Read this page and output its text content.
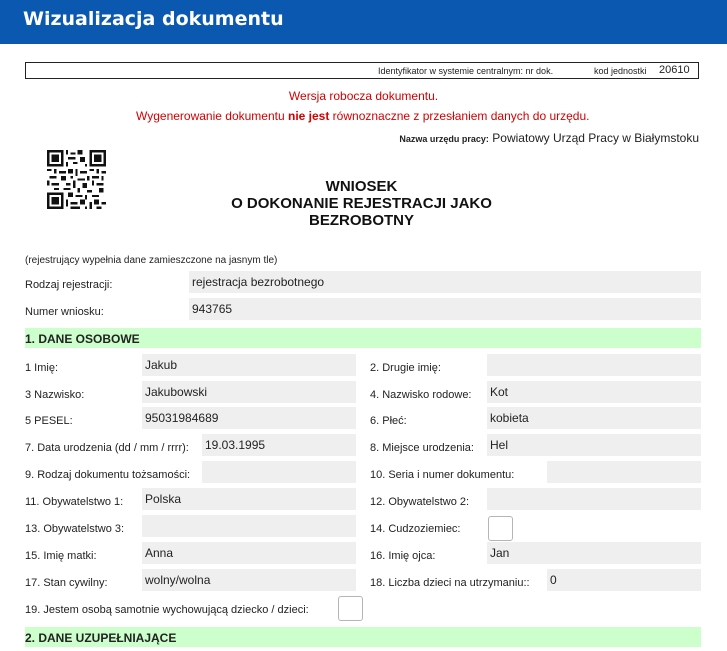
Wizualizacja dokumentu
Identyfikator w systemie centralnym: nr dok.	kod jednostki 20610
Wersja robocza dokumentu.
Wygenerowanie dokumentu nie jest równoznaczne z przesłaniem danych do urzędu.
Nazwa urzędu pracy: Powiatowy Urząd Pracy w Białymstoku
WNIOSEK
O DOKONANIE REJESTRACJI JAKO
BEZROBOTNY
(rejestrujący wypełnia dane zamieszczone na jasnym tle)
Rodzaj rejestracji:	rejestracja bezrobotnego
Numer wniosku:	943765
1. DANE OSOBOWE
1 Imię:	Jakub	2. Drugie imię:
3 Nazwisko:	Jakubowski	4. Nazwisko rodowe: Kot
5 PESEL:	95031984689	6. Płeć:	kobieta
7. Data urodzenia (dd / mm / rrrr): 19.03.1995	8. Miejsce urodzenia: Hel
9. Rodzaj dokumentu tożsamości:	10. Seria i numer dokumentu:
11. Obywatelstwo 1: Polska	12. Obywatelstwo 2:
13. Obywatelstwo 3:	14. Cudzoziemiec:
15. Imię matki:	Anna	16. Imię ojca:	Jan
17. Stan cywilny:	wolny/wolna	18. Liczba dzieci na utrzymaniu:: 0
19. Jestem osobą samotnie wychowującą dziecko / dzieci:
2. DANE UZUPEŁNIAJĄCE
